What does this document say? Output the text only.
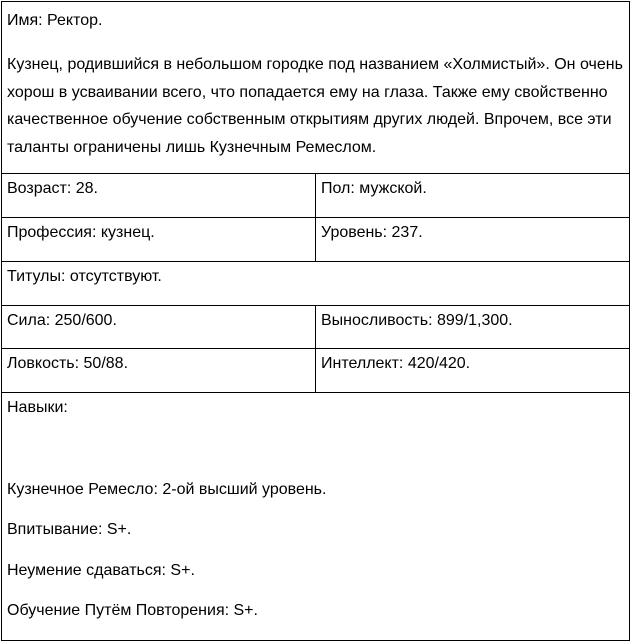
Имя: Ректор.
Кузнец, родившийся в небольшом городке под названием «Холмистый». Он очень хорош в усваивании всего, что попадается ему на глаза. Также ему свойственно качественное обучение собственным открытиям других людей. Впрочем, все эти таланты ограничены лишь Кузнечным Ремеслом.
Возраст: 28.	Пол: мужской.
Профессия: кузнец.	Уровень: 237.
Титулы: отсутствуют.
Сила: 250/600.	Выносливость: 899/1,300.
Ловкость: 50/88.	Интеллект: 420/420.
Навыки:
Кузнечное Ремесло: 2-ой высший уровень.
Впитывание: S+.
Неумение сдаваться: S+.
Обучение Путём Повторения: S+.
